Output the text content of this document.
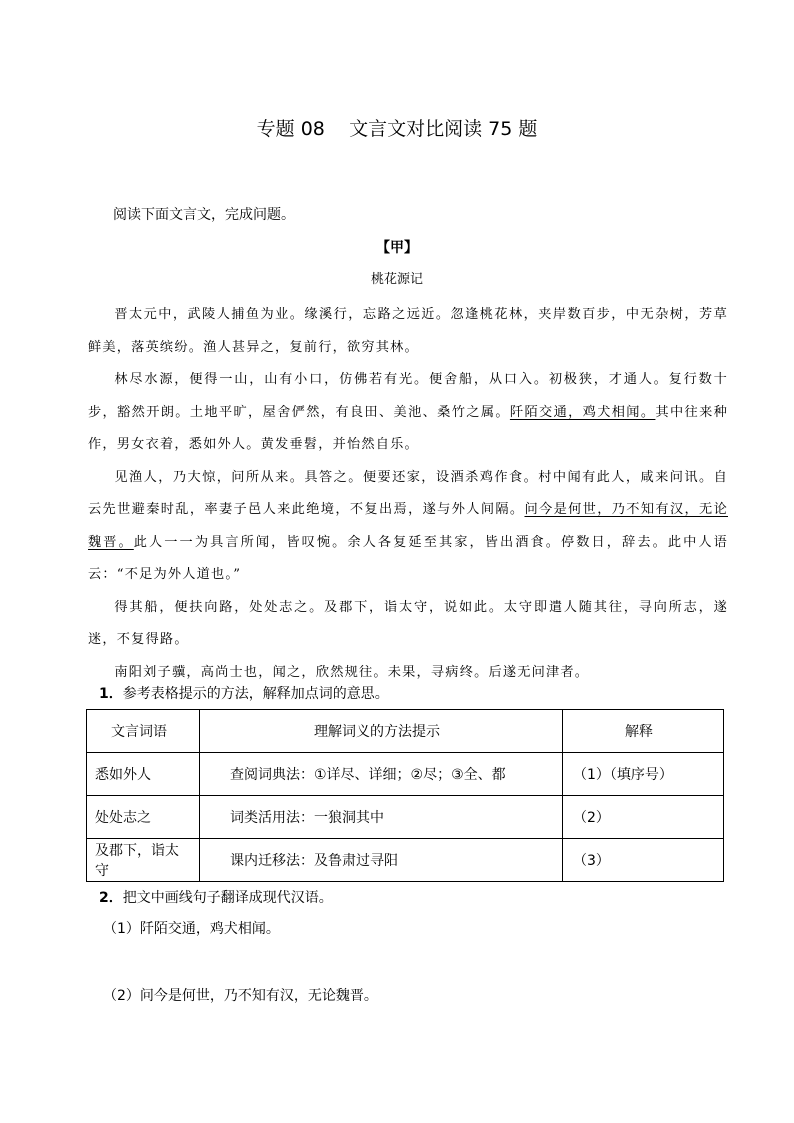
专题 08 文言文对比阅读 75 题
阅读下面文言文，完成问题。
【甲】
桃花源记

晋太元中，武陵人捕鱼为业。缘溪行，忘路之远近。忽逢桃花林，夹岸数百步，中无杂树，芳草鲜美，落英缤纷。渔人甚异之，复前行，欲穷其林。

林尽水源，便得一山，山有小口，仿佛若有光。便舍船，从口入。初极狭，才通人。复行数十步，豁然开朗。土地平旷，屋舍俨然，有良田、美池、桑竹之属。阡陌交通，鸡犬相闻。其中往来种作，男女衣着，悉如外人。黄发垂髫，并怡然自乐。

见渔人，乃大惊，问所从来。具答之。便要还家，设酒杀鸡作食。村中闻有此人，咸来问讯。自云先世避秦时乱，率妻子邑人来此绝境，不复出焉，遂与外人间隔。问今是何世，乃不知有汉，无论魏晋。此人一一为具言所闻，皆叹惋。余人各复延至其家，皆出酒食。停数日，辞去。此中人语云：“不足为外人道也。”

得其船，便扶向路，处处志之。及郡下，诣太守，说如此。太守即遣人随其往，寻向所志，遂迷，不复得路。

南阳刘子骥，高尚士也，闻之，欣然规往。未果，寻病终。后遂无问津者。

1．参考表格提示的方法，解释加点词的意思。
文言词语	理解词义的方法提示	解释
悉如外人	查阅词典法：①详尽、详细；②尽；③全、都	（1）（填序号）
处处志之	词类活用法：一狼洞其中	（2）
及郡下，诣太守	课内迁移法：及鲁肃过寻阳	（3）
2．把文中画线句子翻译成现代汉语。
（1）阡陌交通，鸡犬相闻。
（2）问今是何世，乃不知有汉，无论魏晋。
